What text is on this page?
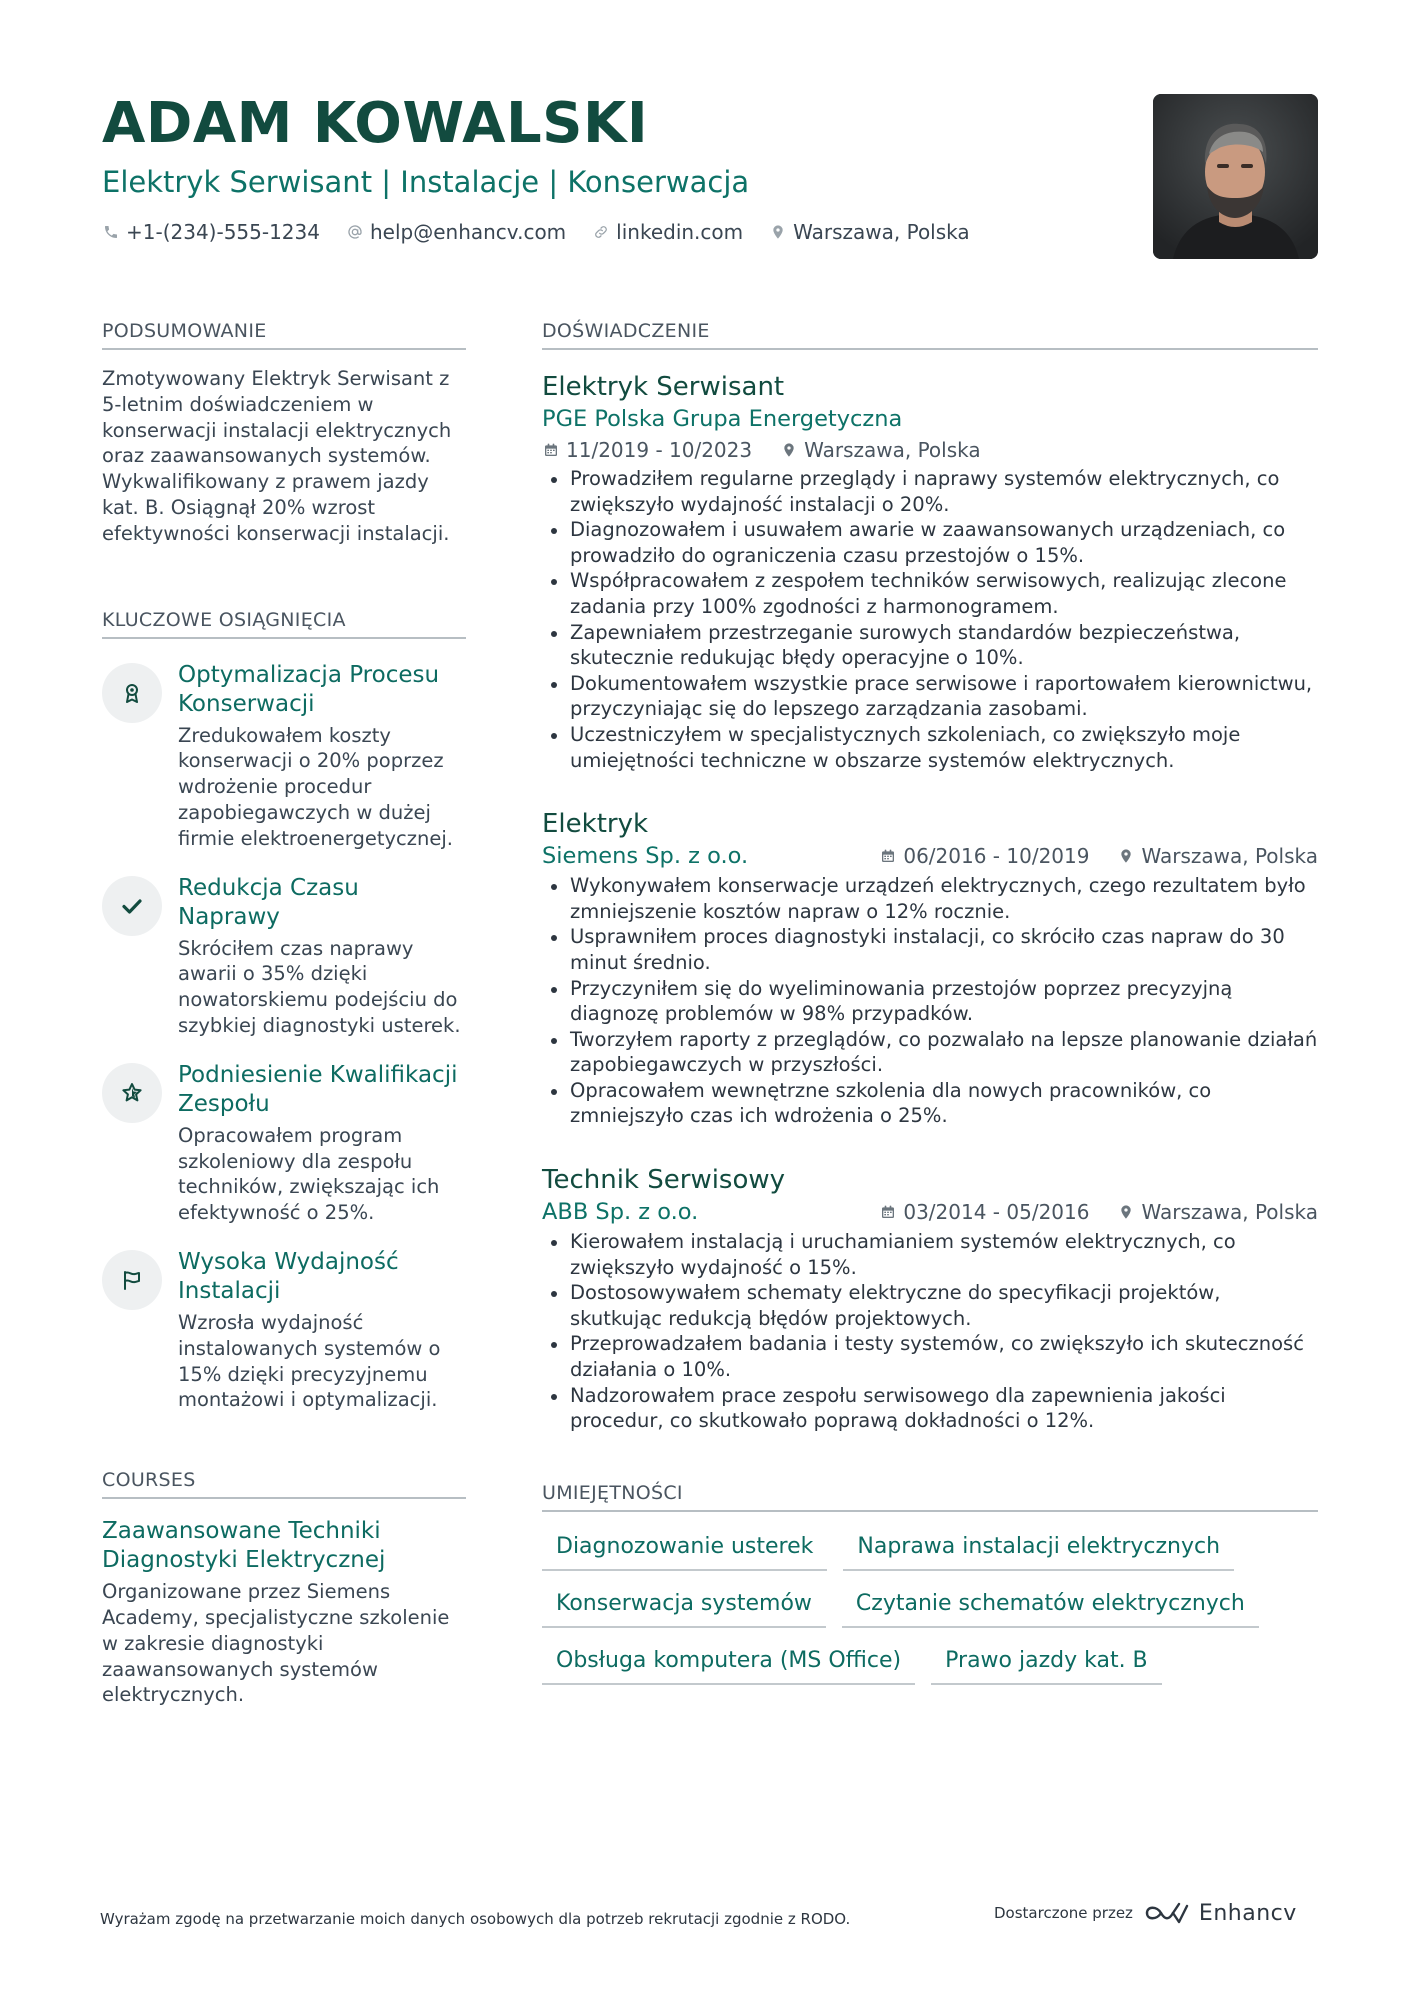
ADAM KOWALSKI
Elektryk Serwisant | Instalacje | Konserwacja
+1-(234)-555-1234	help@enhancv.com	linkedin.com	Warszawa, Polska
PODSUMOWANIE
Zmotywowany Elektryk Serwisant z 5-letnim doświadczeniem w konserwacji instalacji elektrycznych oraz zaawansowanych systemów. Wykwalifikowany z prawem jazdy kat. B. Osiągnął 20% wzrost efektywności konserwacji instalacji.
KLUCZOWE OSIĄGNIĘCIA
Optymalizacja Procesu Konserwacji
Zredukowałem koszty konserwacji o 20% poprzez wdrożenie procedur zapobiegawczych w dużej firmie elektroenergetycznej.
Redukcja Czasu Naprawy
Skróciłem czas naprawy awarii o 35% dzięki nowatorskiemu podejściu do szybkiej diagnostyki usterek.
Podniesienie Kwalifikacji Zespołu
Opracowałem program szkoleniowy dla zespołu techników, zwiększając ich efektywność o 25%.
Wysoka Wydajność Instalacji
Wzrosła wydajność instalowanych systemów o 15% dzięki precyzyjnemu montażowi i optymalizacji.
COURSES
Zaawansowane Techniki Diagnostyki Elektrycznej
Organizowane przez Siemens Academy, specjalistyczne szkolenie w zakresie diagnostyki zaawansowanych systemów elektrycznych.
DOŚWIADCZENIE
Elektryk Serwisant
PGE Polska Grupa Energetyczna
11/2019 - 10/2023	Warszawa, Polska
Prowadziłem regularne przeglądy i naprawy systemów elektrycznych, co zwiększyło wydajność instalacji o 20%.
Diagnozowałem i usuwałem awarie w zaawansowanych urządzeniach, co prowadziło do ograniczenia czasu przestojów o 15%.
Współpracowałem z zespołem techników serwisowych, realizując zlecone zadania przy 100% zgodności z harmonogramem.
Zapewniałem przestrzeganie surowych standardów bezpieczeństwa, skutecznie redukując błędy operacyjne o 10%.
Dokumentowałem wszystkie prace serwisowe i raportowałem kierownictwu, przyczyniając się do lepszego zarządzania zasobami.
Uczestniczyłem w specjalistycznych szkoleniach, co zwiększyło moje umiejętności techniczne w obszarze systemów elektrycznych.
Elektryk
Siemens Sp. z o.o.	06/2016 - 10/2019	Warszawa, Polska
Wykonywałem konserwacje urządzeń elektrycznych, czego rezultatem było zmniejszenie kosztów napraw o 12% rocznie.
Usprawniłem proces diagnostyki instalacji, co skróciło czas napraw do 30 minut średnio.
Przyczyniłem się do wyeliminowania przestojów poprzez precyzyjną diagnozę problemów w 98% przypadków.
Tworzyłem raporty z przeglądów, co pozwalało na lepsze planowanie działań zapobiegawczych w przyszłości.
Opracowałem wewnętrzne szkolenia dla nowych pracowników, co zmniejszyło czas ich wdrożenia o 25%.
Technik Serwisowy
ABB Sp. z o.o.	03/2014 - 05/2016	Warszawa, Polska
Kierowałem instalacją i uruchamianiem systemów elektrycznych, co zwiększyło wydajność o 15%.
Dostosowywałem schematy elektryczne do specyfikacji projektów, skutkując redukcją błędów projektowych.
Przeprowadzałem badania i testy systemów, co zwiększyło ich skuteczność działania o 10%.
Nadzorowałem prace zespołu serwisowego dla zapewnienia jakości procedur, co skutkowało poprawą dokładności o 12%.
UMIEJĘTNOŚCI
Diagnozowanie usterek	Naprawa instalacji elektrycznych
Konserwacja systemów	Czytanie schematów elektrycznych
Obsługa komputera (MS Office)	Prawo jazdy kat. B
Wyrażam zgodę na przetwarzanie moich danych osobowych dla potrzeb rekrutacji zgodnie z RODO.	Dostarczone przez	Enhancv
